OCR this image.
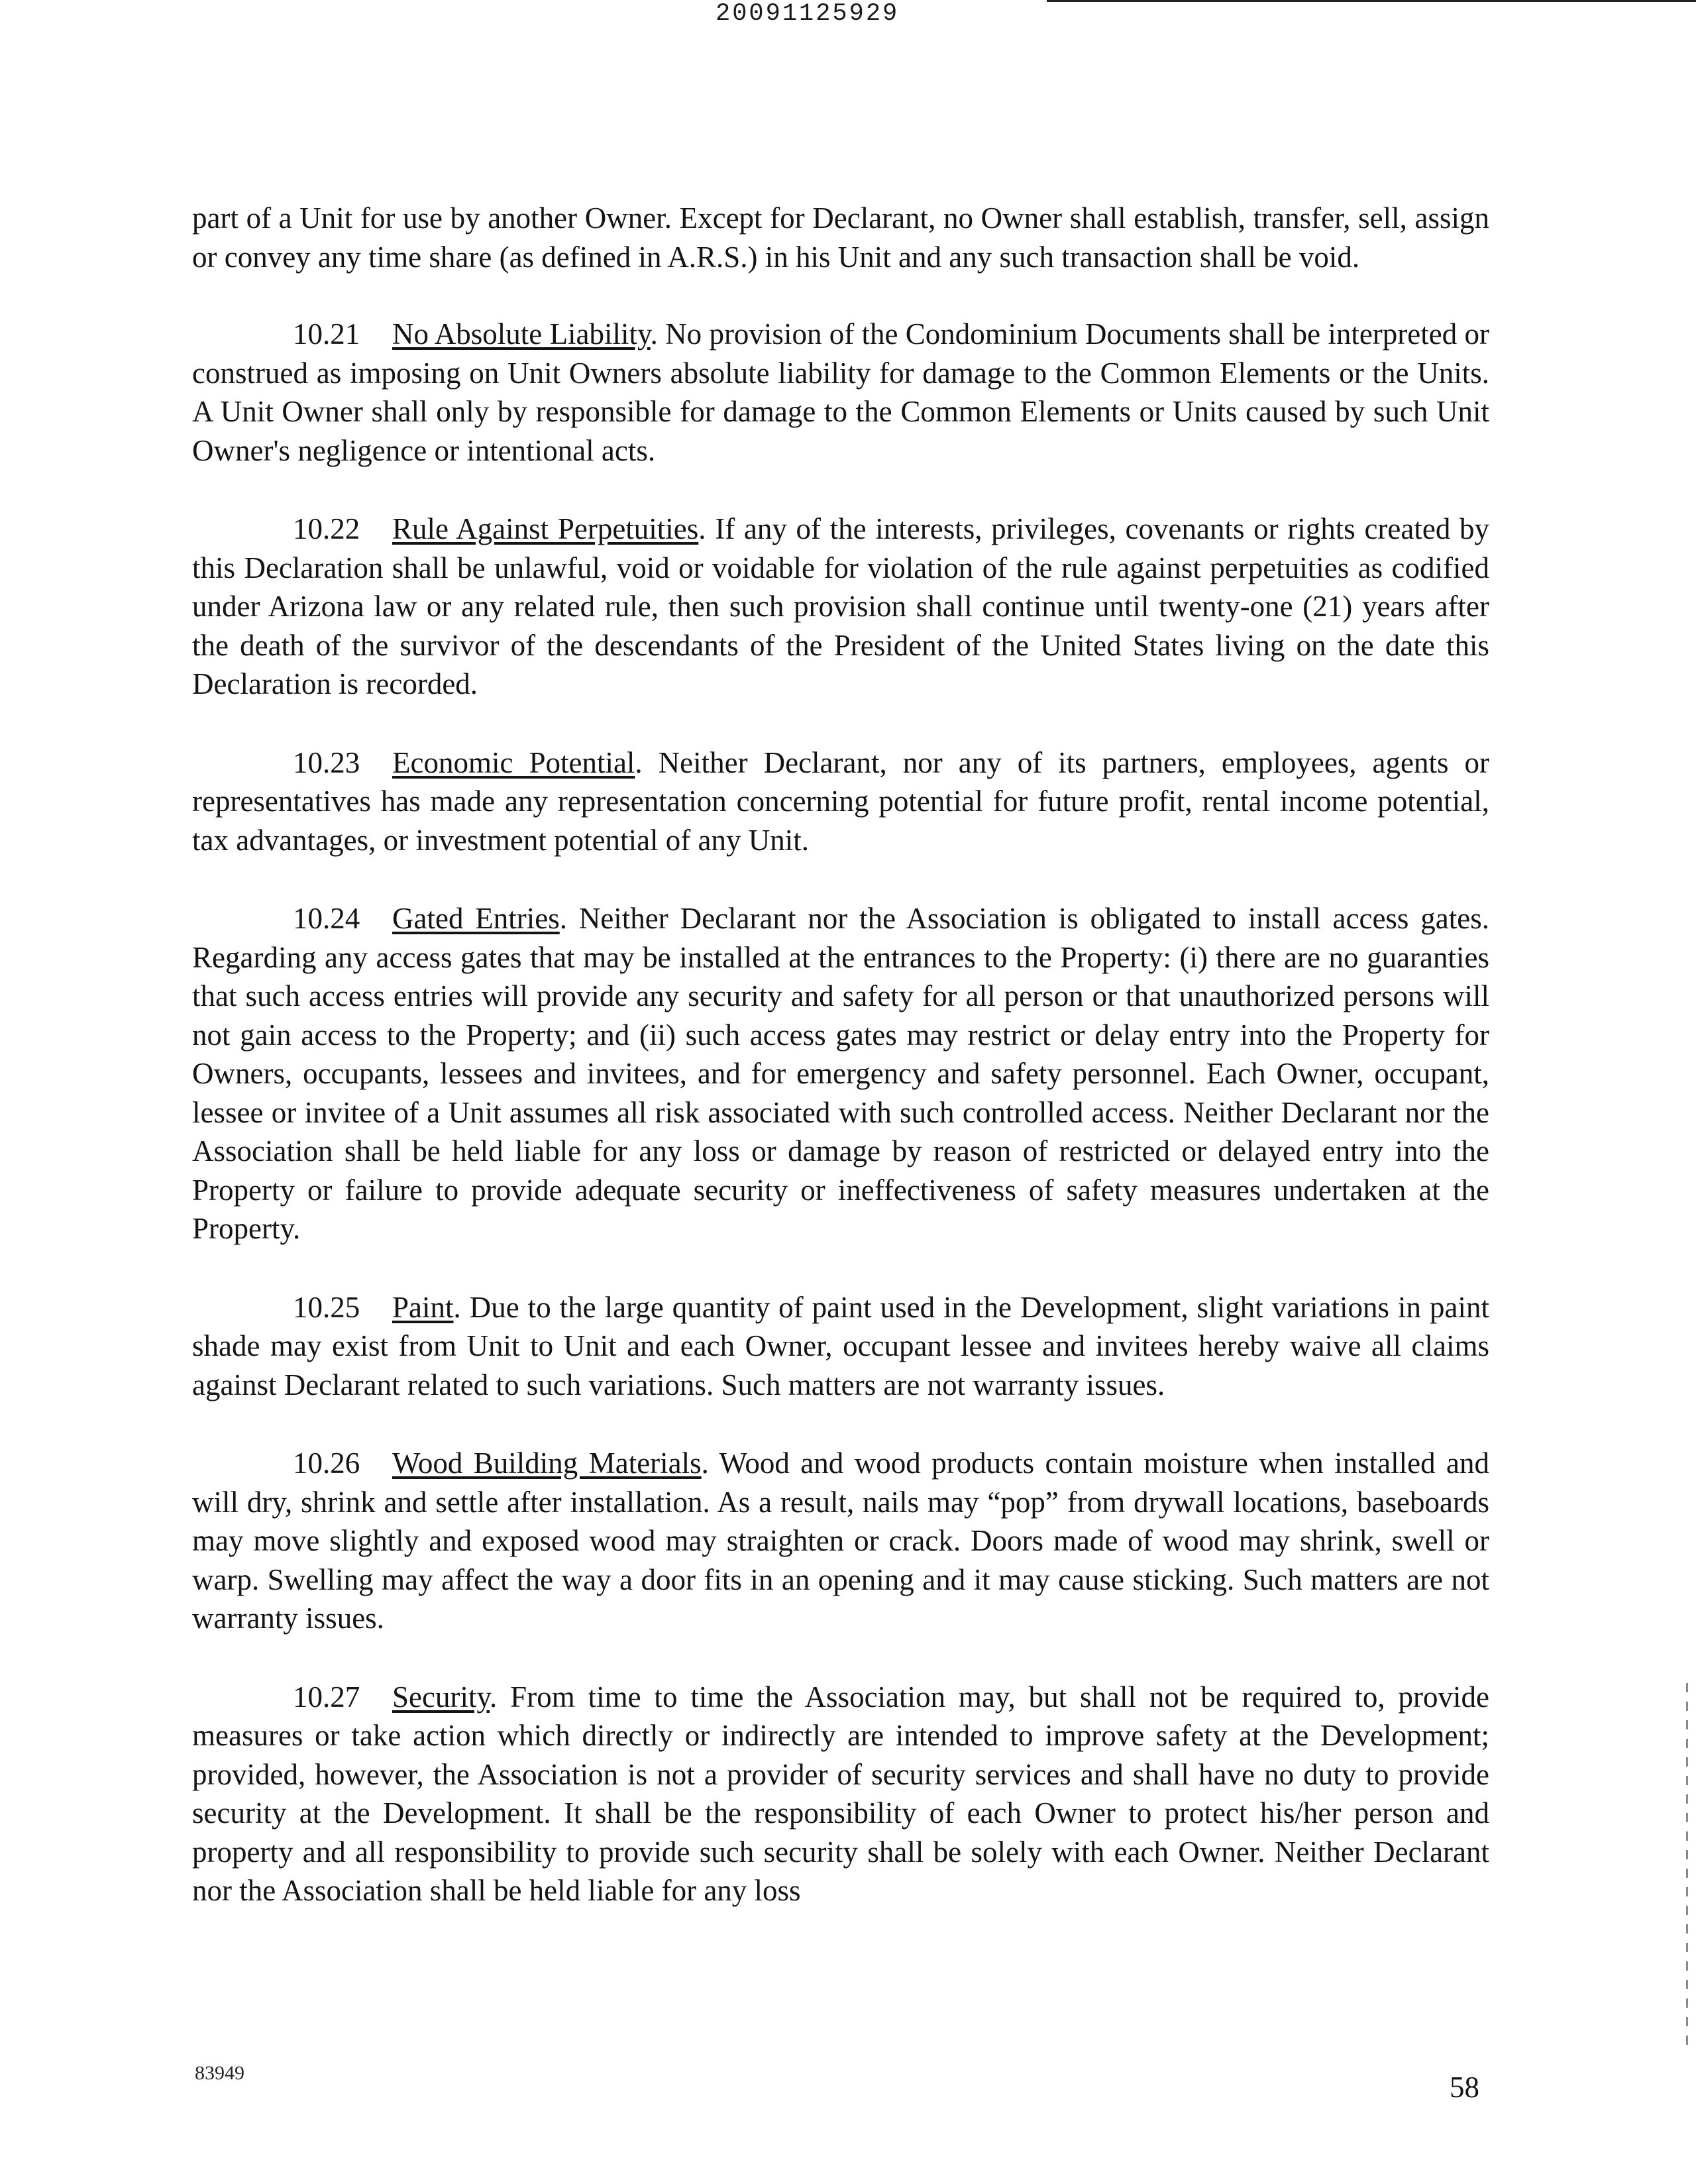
20091125929

part of a Unit for use by another Owner. Except for Declarant, no Owner shall establish, transfer, sell, assign or convey any time share (as defined in A.R.S.) in his Unit and any such transaction shall be void.

10.21 No Absolute Liability. No provision of the Condominium Documents shall be interpreted or construed as imposing on Unit Owners absolute liability for damage to the Common Elements or the Units. A Unit Owner shall only by responsible for damage to the Common Elements or Units caused by such Unit Owner's negligence or intentional acts.

10.22 Rule Against Perpetuities. If any of the interests, privileges, covenants or rights created by this Declaration shall be unlawful, void or voidable for violation of the rule against perpetuities as codified under Arizona law or any related rule, then such provision shall continue until twenty-one (21) years after the death of the survivor of the descendants of the President of the United States living on the date this Declaration is recorded.

10.23 Economic Potential. Neither Declarant, nor any of its partners, employees, agents or representatives has made any representation concerning potential for future profit, rental income potential, tax advantages, or investment potential of any Unit.

10.24 Gated Entries. Neither Declarant nor the Association is obligated to install access gates. Regarding any access gates that may be installed at the entrances to the Property: (i) there are no guaranties that such access entries will provide any security and safety for all person or that unauthorized persons will not gain access to the Property; and (ii) such access gates may restrict or delay entry into the Property for Owners, occupants, lessees and invitees, and for emergency and safety personnel. Each Owner, occupant, lessee or invitee of a Unit assumes all risk associated with such controlled access. Neither Declarant nor the Association shall be held liable for any loss or damage by reason of restricted or delayed entry into the Property or failure to provide adequate security or ineffectiveness of safety measures undertaken at the Property.

10.25 Paint. Due to the large quantity of paint used in the Development, slight variations in paint shade may exist from Unit to Unit and each Owner, occupant lessee and invitees hereby waive all claims against Declarant related to such variations. Such matters are not warranty issues.

10.26 Wood Building Materials. Wood and wood products contain moisture when installed and will dry, shrink and settle after installation. As a result, nails may “pop” from drywall locations, baseboards may move slightly and exposed wood may straighten or crack. Doors made of wood may shrink, swell or warp. Swelling may affect the way a door fits in an opening and it may cause sticking. Such matters are not warranty issues.

10.27 Security. From time to time the Association may, but shall not be required to, provide measures or take action which directly or indirectly are intended to improve safety at the Development; provided, however, the Association is not a provider of security services and shall have no duty to provide security at the Development. It shall be the responsibility of each Owner to protect his/her person and property and all responsibility to provide such security shall be solely with each Owner. Neither Declarant nor the Association shall be held liable for any loss

83949	58
